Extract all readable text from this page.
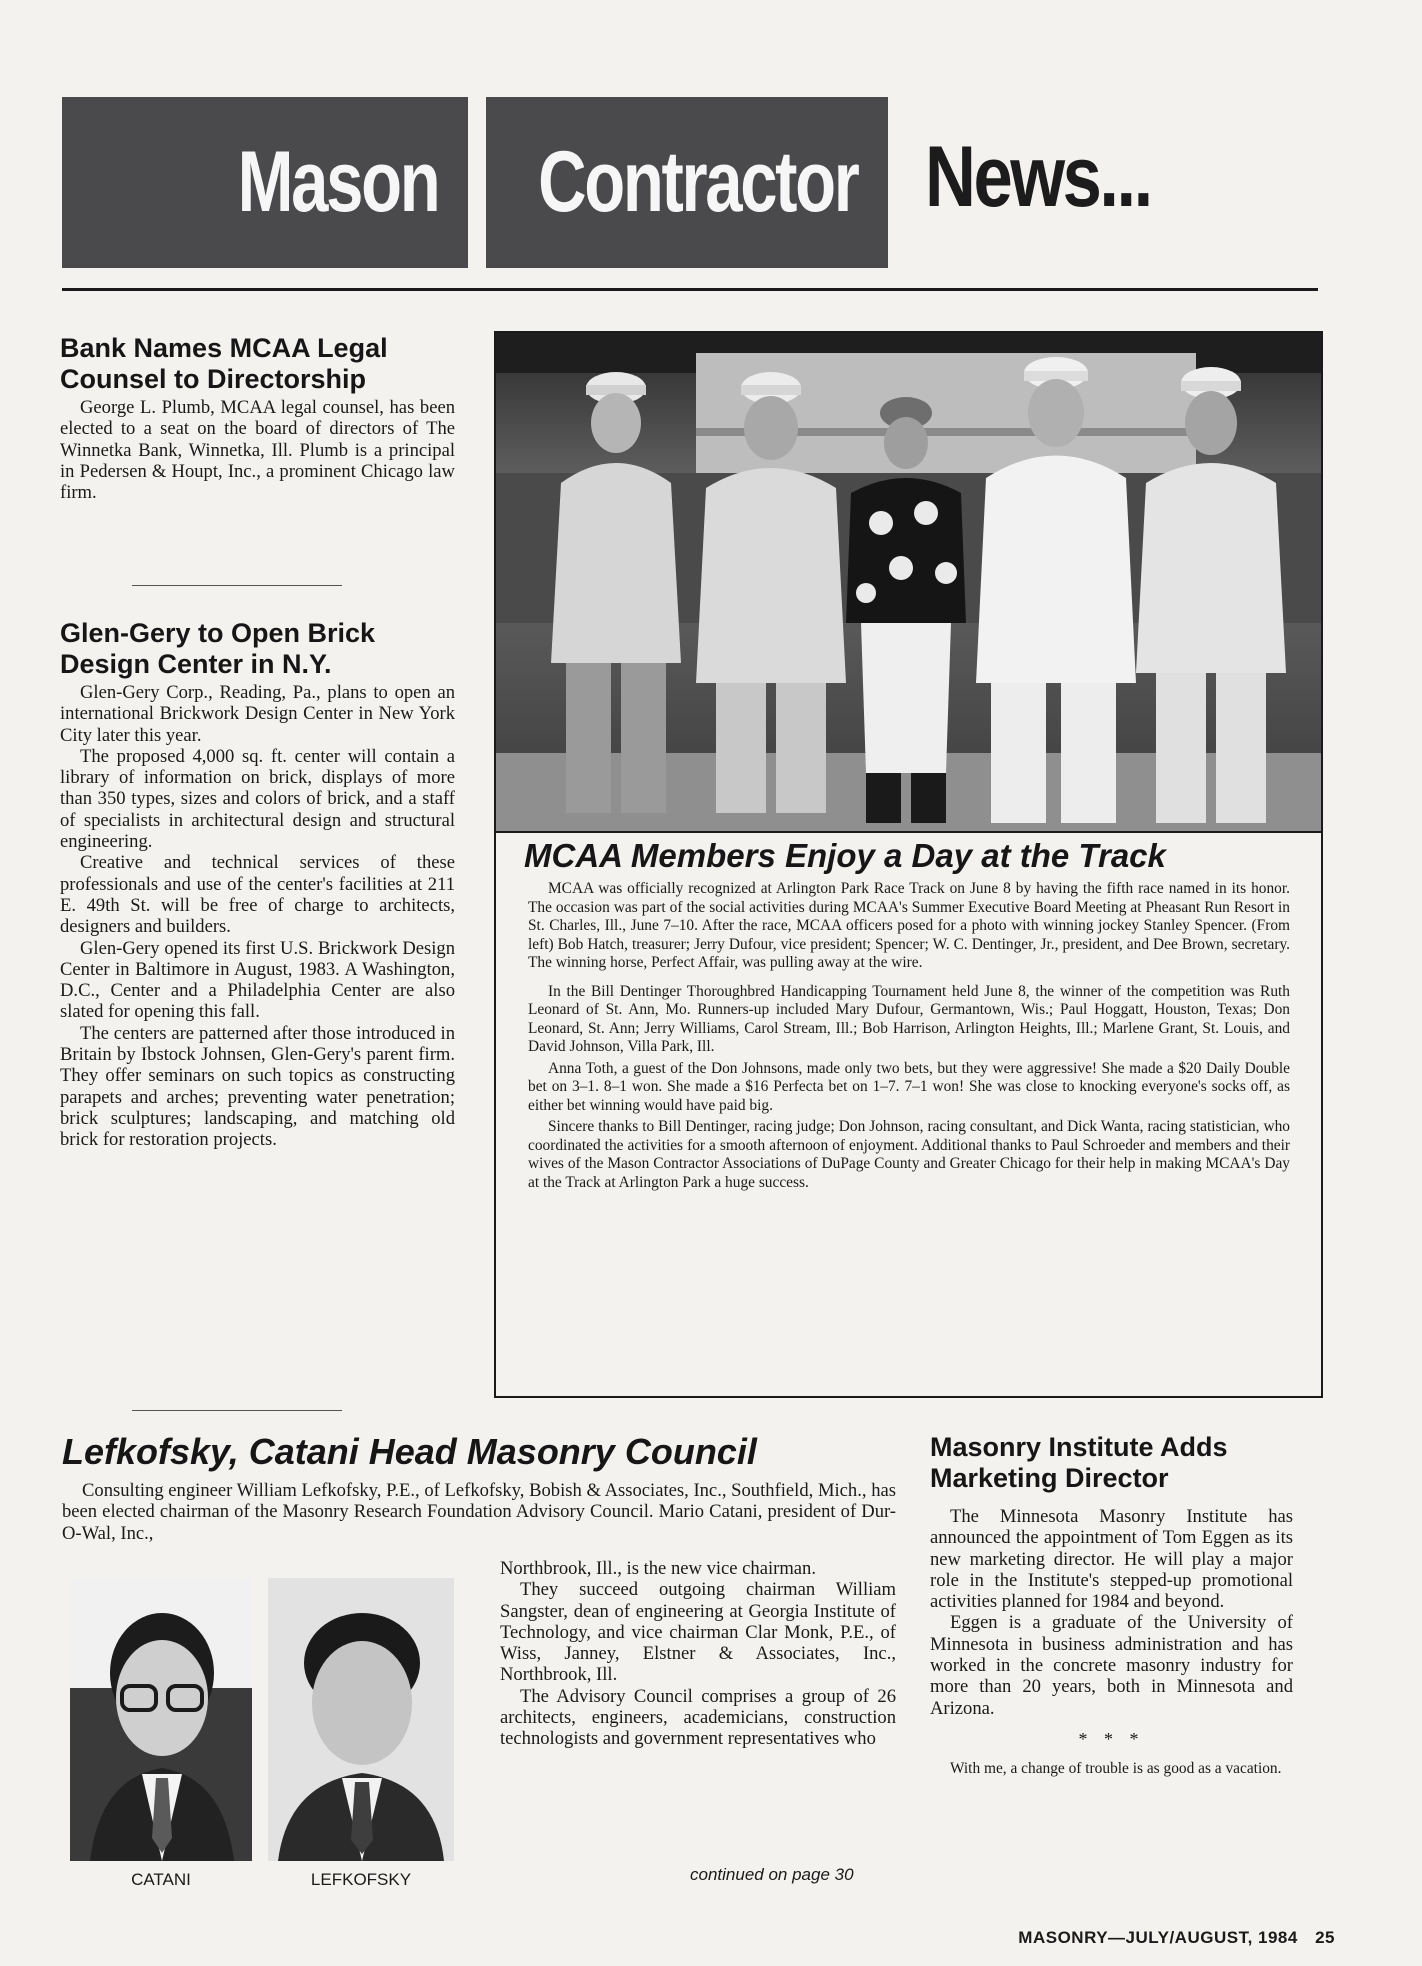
Mason Contractor News...
Bank Names MCAA Legal Counsel to Directorship

George L. Plumb, MCAA legal counsel, has been elected to a seat on the board of directors of The Winnetka Bank, Winnetka, Ill. Plumb is a principal in Pedersen & Houpt, Inc., a prominent Chicago law firm.

Glen-Gery to Open Brick Design Center in N.Y.

Glen-Gery Corp., Reading, Pa., plans to open an international Brickwork Design Center in New York City later this year.

The proposed 4,000 sq. ft. center will contain a library of information on brick, displays of more than 350 types, sizes and colors of brick, and a staff of specialists in architectural design and structural engineering.

Creative and technical services of these professionals and use of the center's facilities at 211 E. 49th St. will be free of charge to architects, designers and builders.

Glen-Gery opened its first U.S. Brickwork Design Center in Baltimore in August, 1983. A Washington, D.C., Center and a Philadelphia Center are also slated for opening this fall.

The centers are patterned after those introduced in Britain by Ibstock Johnsen, Glen-Gery's parent firm. They offer seminars on such topics as constructing parapets and arches; preventing water penetration; brick sculptures; landscaping, and matching old brick for restoration projects.

MCAA Members Enjoy a Day at the Track

MCAA was officially recognized at Arlington Park Race Track on June 8 by having the fifth race named in its honor. The occasion was part of the social activities during MCAA's Summer Executive Board Meeting at Pheasant Run Resort in St. Charles, Ill., June 7–10. After the race, MCAA officers posed for a photo with winning jockey Stanley Spencer. (From left) Bob Hatch, treasurer; Jerry Dufour, vice president; Spencer; W. C. Dentinger, Jr., president, and Dee Brown, secretary. The winning horse, Perfect Affair, was pulling away at the wire.

In the Bill Dentinger Thoroughbred Handicapping Tournament held June 8, the winner of the competition was Ruth Leonard of St. Ann, Mo. Runners-up included Mary Dufour, Germantown, Wis.; Paul Hoggatt, Houston, Texas; Don Leonard, St. Ann; Jerry Williams, Carol Stream, Ill.; Bob Harrison, Arlington Heights, Ill.; Marlene Grant, St. Louis, and David Johnson, Villa Park, Ill.

Anna Toth, a guest of the Don Johnsons, made only two bets, but they were aggressive! She made a $20 Daily Double bet on 3–1. 8–1 won. She made a $16 Perfecta bet on 1–7. 7–1 won! She was close to knocking everyone's socks off, as either bet winning would have paid big.

Sincere thanks to Bill Dentinger, racing judge; Don Johnson, racing consultant, and Dick Wanta, racing statistician, who coordinated the activities for a smooth afternoon of enjoyment. Additional thanks to Paul Schroeder and members and their wives of the Mason Contractor Associations of DuPage County and Greater Chicago for their help in making MCAA's Day at the Track at Arlington Park a huge success.

Lefkofsky, Catani Head Masonry Council

Consulting engineer William Lefkofsky, P.E., of Lefkofsky, Bobish & Associates, Inc., Southfield, Mich., has been elected chairman of the Masonry Research Foundation Advisory Council. Mario Catani, president of Dur-O-Wal, Inc.,

CATANI	LEFKOFSKY

Northbrook, Ill., is the new vice chairman.

They succeed outgoing chairman William Sangster, dean of engineering at Georgia Institute of Technology, and vice chairman Clar Monk, P.E., of Wiss, Janney, Elstner & Associates, Inc., Northbrook, Ill.

The Advisory Council comprises a group of 26 architects, engineers, academicians, construction technologists and government representatives who

continued on page 30
Masonry Institute Adds Marketing Director

The Minnesota Masonry Institute has announced the appointment of Tom Eggen as its new marketing director. He will play a major role in the Institute's stepped-up promotional activities planned for 1984 and beyond.

Eggen is a graduate of the University of Minnesota in business administration and has worked in the concrete masonry industry for more than 20 years, both in Minnesota and Arizona.

* * *

With me, a change of trouble is as good as a vacation.

MASONRY—JULY/AUGUST, 1984 25
